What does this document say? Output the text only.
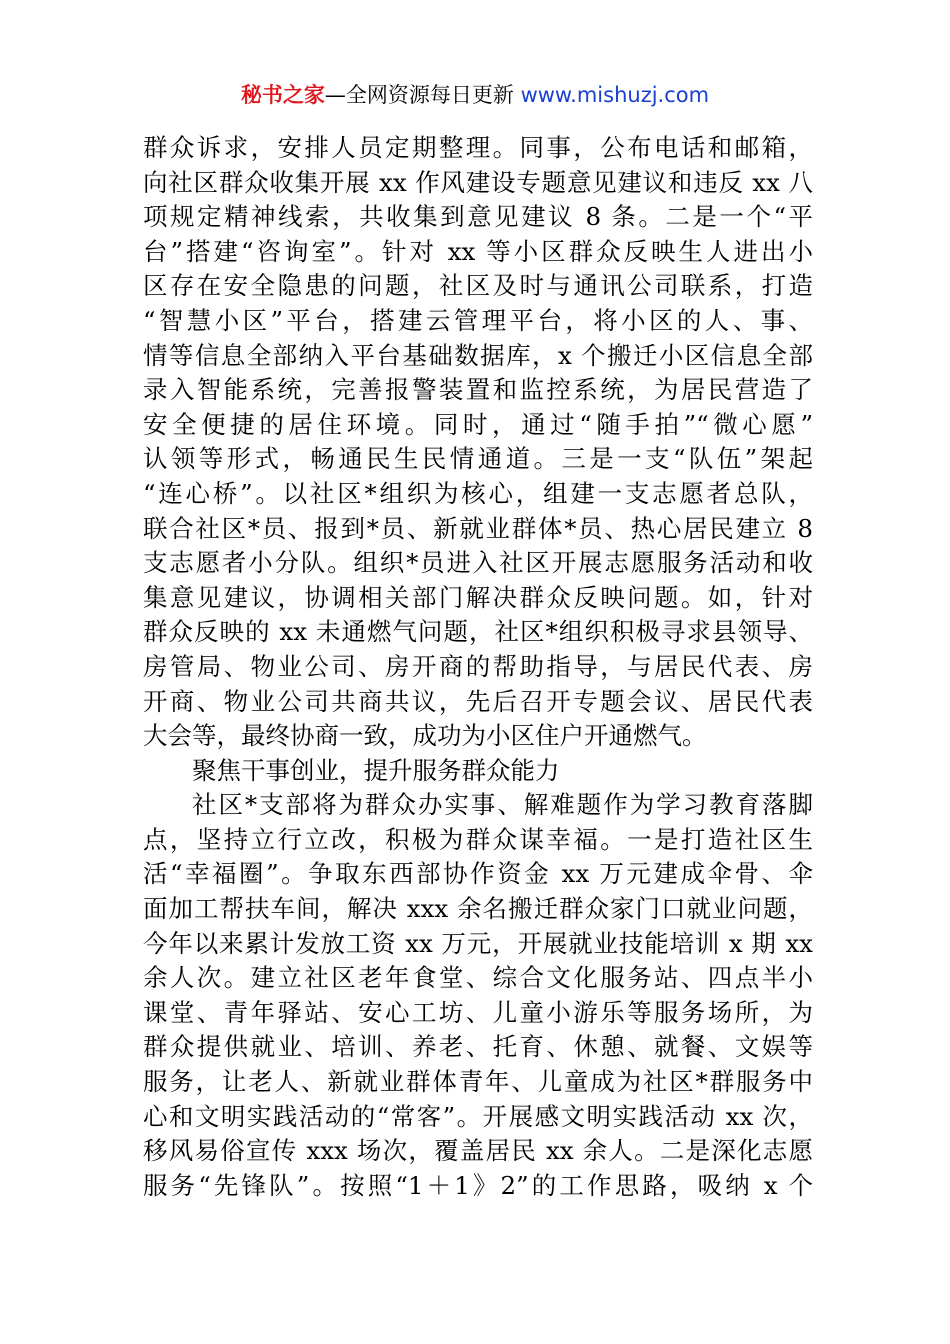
秘书之家—全网资源每日更新 www.mishuzj.com
群众诉求，安排人员定期整理。同事，公布电话和邮箱，
向社区群众收集开展 xx 作风建设专题意见建议和违反 xx 八
项规定精神线索，共收集到意见建议 8 条。二是一个“平
台”搭建“咨询室”。针对 xx 等小区群众反映生人进出小
区存在安全隐患的问题，社区及时与通讯公司联系，打造
“智慧小区”平台，搭建云管理平台，将小区的人、事、
情等信息全部纳入平台基础数据库，x 个搬迁小区信息全部
录入智能系统，完善报警装置和监控系统，为居民营造了
安全便捷的居住环境。同时，通过“随手拍”“微心愿”
认领等形式，畅通民生民情通道。三是一支“队伍”架起
“连心桥”。以社区*组织为核心，组建一支志愿者总队，
联合社区*员、报到*员、新就业群体*员、热心居民建立 8
支志愿者小分队。组织*员进入社区开展志愿服务活动和收
集意见建议，协调相关部门解决群众反映问题。如，针对
群众反映的 xx 未通燃气问题，社区*组织积极寻求县领导、
房管局、物业公司、房开商的帮助指导，与居民代表、房
开商、物业公司共商共议，先后召开专题会议、居民代表
大会等，最终协商一致，成功为小区住户开通燃气。
聚焦干事创业，提升服务群众能力
社区*支部将为群众办实事、解难题作为学习教育落脚
点，坚持立行立改，积极为群众谋幸福。一是打造社区生
活“幸福圈”。争取东西部协作资金 xx 万元建成伞骨、伞
面加工帮扶车间，解决 xxx 余名搬迁群众家门口就业问题，
今年以来累计发放工资 xx 万元，开展就业技能培训 x 期 xx
余人次。建立社区老年食堂、综合文化服务站、四点半小
课堂、青年驿站、安心工坊、儿童小游乐等服务场所，为
群众提供就业、培训、养老、托育、休憩、就餐、文娱等
服务，让老人、新就业群体青年、儿童成为社区*群服务中
心和文明实践活动的“常客”。开展感文明实践活动 xx 次，
移风易俗宣传 xxx 场次，覆盖居民 xx 余人。二是深化志愿
服务“先锋队”。按照“1＋1》2”的工作思路，吸纳 x 个
